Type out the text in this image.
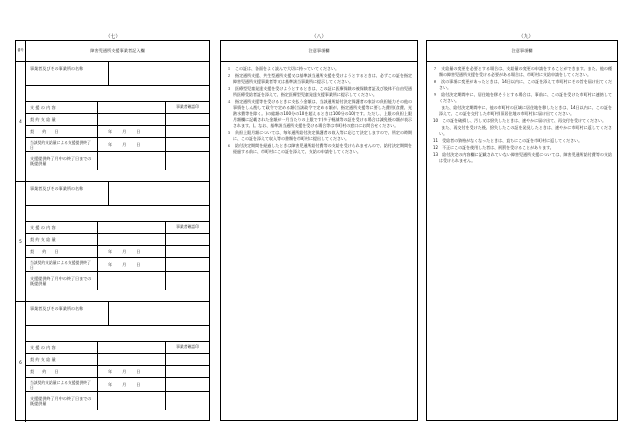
（七）	（八）	（九）
番号	障害児通所支援事業者記入欄
4
事業者及びその事業所の名称
支 援 の 内 容	事業者確認印
契 約 支 給 量
契　　約　　日	年 月 日
当該契約支給量による支援提供終了日
年 月 日
支援提供終了月中の終了日までの既提供量
5
事業者及びその事業所の名称
支 援 の 内 容	事業者確認印
契 約 支 給 量
契　　約　　日	年 月 日
当該契約支給量による支援提供終了日
年 月 日
支援提供終了月中の終了日までの既提供量
6
事業者及びその事業所の名称
支 援 の 内 容	事業者確認印
契 約 支 給 量
契　　約　　日	年 月 日
当該契約支給量による支援提供終了日
年 月 日
支援提供終了月中の終了日までの既提供量
注意事項欄
１　この証は、各面をよく読んで大切に持っていてください。
２　指定通所支援、共生型通所支援又は基準該当通所支援を受けようとするときは、必ずこの証を指定障害児通所支援事業者等又は基準該当事業所に提示してください。
３　医療型児童発達支援を受けようとするときは、この証に医療保険の被保険者証及び肢体不自由児通所医療受給者証を添えて、指定医療型児童発達支援事業所に提示してください。
４　指定通所支援等を受けるときに支払う金額は、当該通所給付決定保護者の家計の負担能力その他の事情をしん酌して政令で定める額(当該政令で定める額が、指定通所支援等に要した費用(食費、光熱水費等を除く。)の総額の100分の10を超えるときは100分の10)です。ただし、上限の負担上限月額欄に記載された金額が一月当たりの上限です(多子軽減等の証を受ける場合は減免後の額が表示されます。)。なお、基準該当通所支援を受ける場合等は市町村の窓口にお問合せください。
５　負担上限月額については、毎年通所給付決定保護者の収入等に応じて決定しますので、所定の時期に、この証を添えて収入等の書類を市町村に提出してください。
６　給付決定期間を経過したときは障害児通所給付費等の支給を受けられませんので、給付決定期間を経過する前に、市町村にこの証を添えて、支給の申請をしてください。
注意事項欄
７　支給量の変更を必要とする場合は、支給量の変更の申請をすることができます。また、他の種類の障害児通所支援を受ける必要がある場合は、市町村に支給申請をしてください。
８　次の事項に変更があったときは、14日以内に、この証を添えて市町村にその旨を届け出てください。
９　給付決定期間中に、居住地を移そうとする場合は、事前に、この証を受けた市町村に連絡してください。
　　また、給付決定期間中に、他の市町村の区域に居住地を移したときは、14日以内に、この証を添えて、この証を交付した市町村(旧居住地の市町村)に届け出てください。
10　この証を破損し、汚し又は紛失したときは、速やかに届け出て、再交付を受けてください。
　　また、再交付を受けた後、紛失したこの証を発見したときは、速やかに市町村に返してください。
11　受給者の資格がなくなったときは、直ちにこの証を市町村に返してください。
12　不正にこの証を使用した者は、刑罰を受けることがあります。
13　給付決定の内容欄に記載されていない障害児通所支援については、障害児通所給付費等の支給は受けられません。
